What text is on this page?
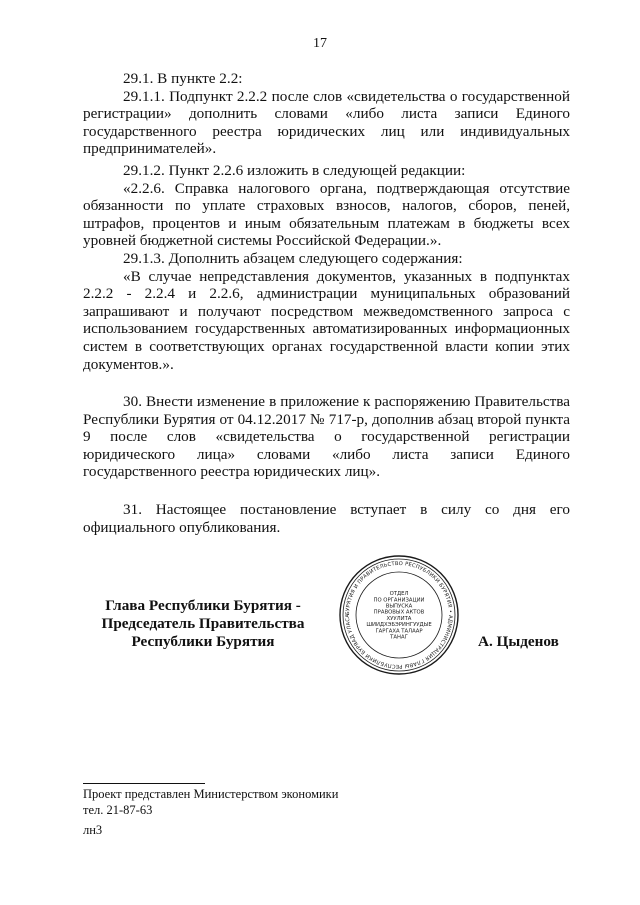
17

29.1. В пункте 2.2:

29.1.1. Подпункт 2.2.2 после слов «свидетельства о государственной регистрации» дополнить словами «либо листа записи Единого государственного реестра юридических лиц или индивидуальных предпринимателей».

29.1.2. Пункт 2.2.6 изложить в следующей редакции:

«2.2.6. Справка налогового органа, подтверждающая отсутствие обязанности по уплате страховых взносов, налогов, сборов, пеней, штрафов, процентов и иным обязательным платежам в бюджеты всех уровней бюджетной системы Российской Федерации.».

29.1.3. Дополнить абзацем следующего содержания:

«В случае непредставления документов, указанных в подпунктах 2.2.2 - 2.2.4 и 2.2.6, администрации муниципальных образований запрашивают и получают посредством межведомственного запроса с использованием государственных автоматизированных информационных систем в соответствующих органах государственной власти копии этих документов.».

30. Внести изменение в приложение к распоряжению Правительства Республики Бурятия от 04.12.2017 № 717-р, дополнив абзац второй пункта 9 после слов «свидетельства о государственной регистрации юридического лица» словами «либо листа записи Единого государственного реестра юридических лиц».

31. Настоящее постановление вступает в силу со дня его официального опубликования.

Глава Республики Бурятия -
Председатель Правительства
Республики Бурятия	А. Цыденов
БУРЯТИЯ И ПРАВИТЕЛЬСТВО РЕСПУБЛИКИ БУРЯТИЯ • АДМИНИСТРАЦИЯ ГЛАВЫ РЕСПУБЛИКИ БУРЯАД УЛАСА
ОТДЕЛ
ПО ОРГАНИЗАЦИИ
ВЫПУСКА
ПРАВОВЫХ АКТОВ
ХУУЛИТА
ШИИДХЭБЭРИНГУУДЫЕ
ГАРГАХА ТАЛААР
ТАНАГ
Проект представлен Министерством экономики
тел. 21-87-63
лн3
